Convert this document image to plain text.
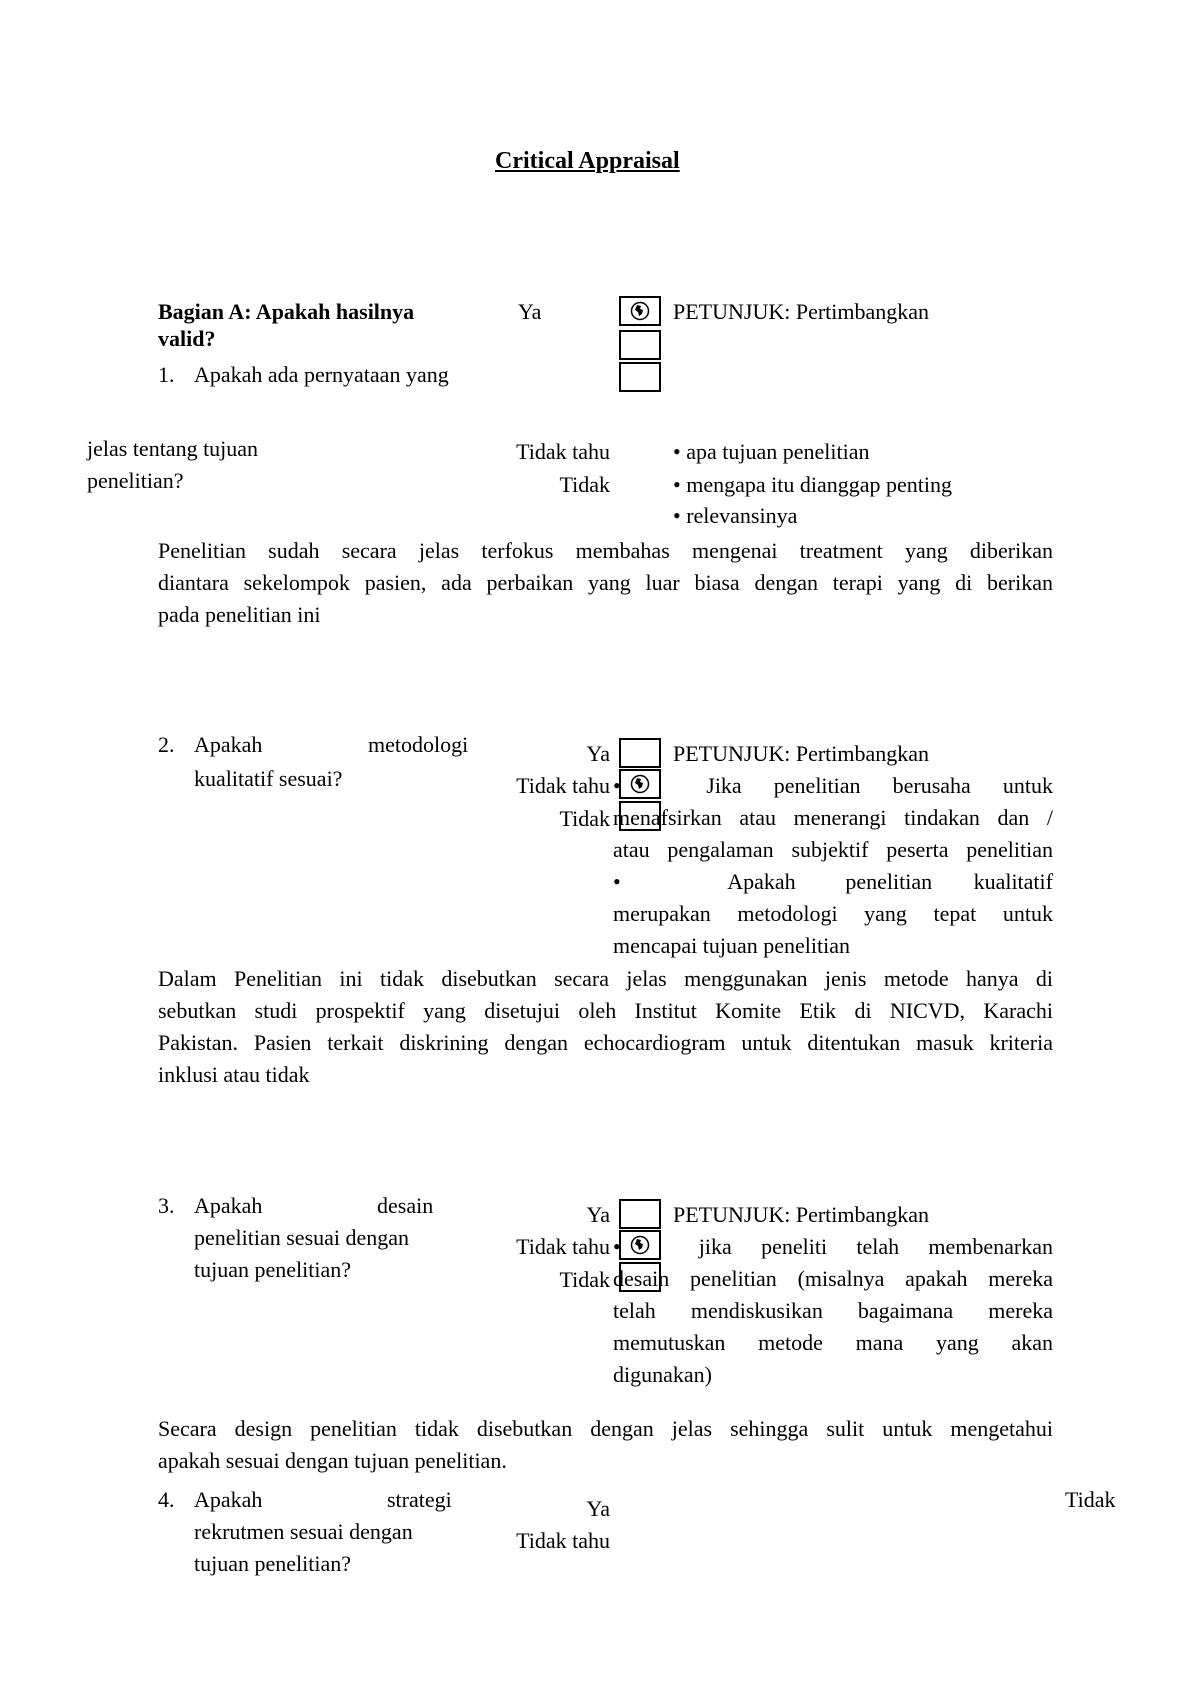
Critical Appraisal
Bagian A: Apakah hasilnya
valid?
1. Apakah ada pernyataan yang
jelas tentang tujuan
penelitian?
Ya
Tidak tahu
Tidak
PETUNJUK: Pertimbangkan
• apa tujuan penelitian
• mengapa itu dianggap penting
• relevansinya
Penelitian sudah secara jelas terfokus membahas mengenai treatment yang diberikan
diantara sekelompok pasien, ada perbaikan yang luar biasa dengan terapi yang di berikan
pada penelitian ini
2. Apakah	metodologi
kualitatif sesuai?
Ya
Tidak tahu
Tidak
PETUNJUK: Pertimbangkan
•        Jika   penelitian   berusaha   untuk
menafsirkan atau menerangi tindakan dan /
atau pengalaman subjektif peserta penelitian
•             Apakah      penelitian     kualitatif
merupakan metodologi yang tepat untuk
mencapai tujuan penelitian
Dalam Penelitian ini tidak disebutkan secara jelas menggunakan jenis metode hanya di
sebutkan studi prospektif yang disetujui oleh Institut Komite Etik di NICVD, Karachi
Pakistan. Pasien terkait diskrining dengan echocardiogram untuk ditentukan masuk kriteria
inklusi atau tidak
3. Apakah	desain
penelitian sesuai dengan
tujuan penelitian?
Ya
Tidak tahu
Tidak
PETUNJUK: Pertimbangkan
•        jika   peneliti   telah   membenarkan
desain penelitian (misalnya apakah mereka
telah mendiskusikan bagaimana mereka
memutuskan metode mana yang akan
digunakan)
Secara design penelitian tidak disebutkan dengan jelas sehingga sulit untuk mengetahui
apakah sesuai dengan tujuan penelitian.
4. Apakah	strategi
rekrutmen sesuai dengan
tujuan penelitian?
Ya
Tidak tahu
Tidak
